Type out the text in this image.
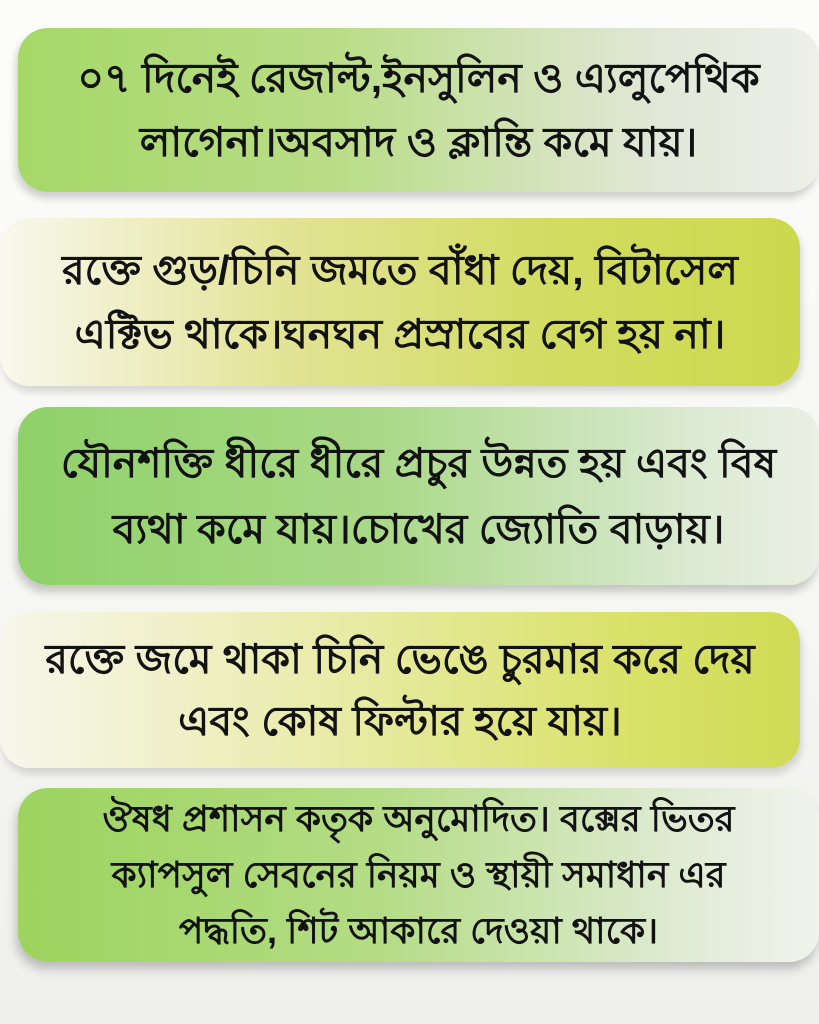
০৭ দিনেই রেজাল্ট,ইনসুলিন ও এ্যলুপেথিক
লাগেনা।অবসাদ ও ক্লান্তি কমে যায়।
রক্তে গুড়/চিনি জমতে বাঁধা দেয়, বিটাসেল
এক্টিভ থাকে।ঘনঘন প্রস্রাবের বেগ হয় না।
যৌনশক্তি ধীরে ধীরে প্রচুর উন্নত হয় এবং বিষ
ব্যথা কমে যায়।চোখের জ্যোতি বাড়ায়।
রক্তে জমে থাকা চিনি ভেঙে চুরমার করে দেয়
এবং কোষ ফিল্টার হয়ে যায়।
ঔষধ প্রশাসন কতৃক অনুমোদিত। বক্সের ভিতর
ক্যাপসুল সেবনের নিয়ম ও স্থায়ী সমাধান এর
পদ্ধতি, শিট আকারে দেওয়া থাকে।
